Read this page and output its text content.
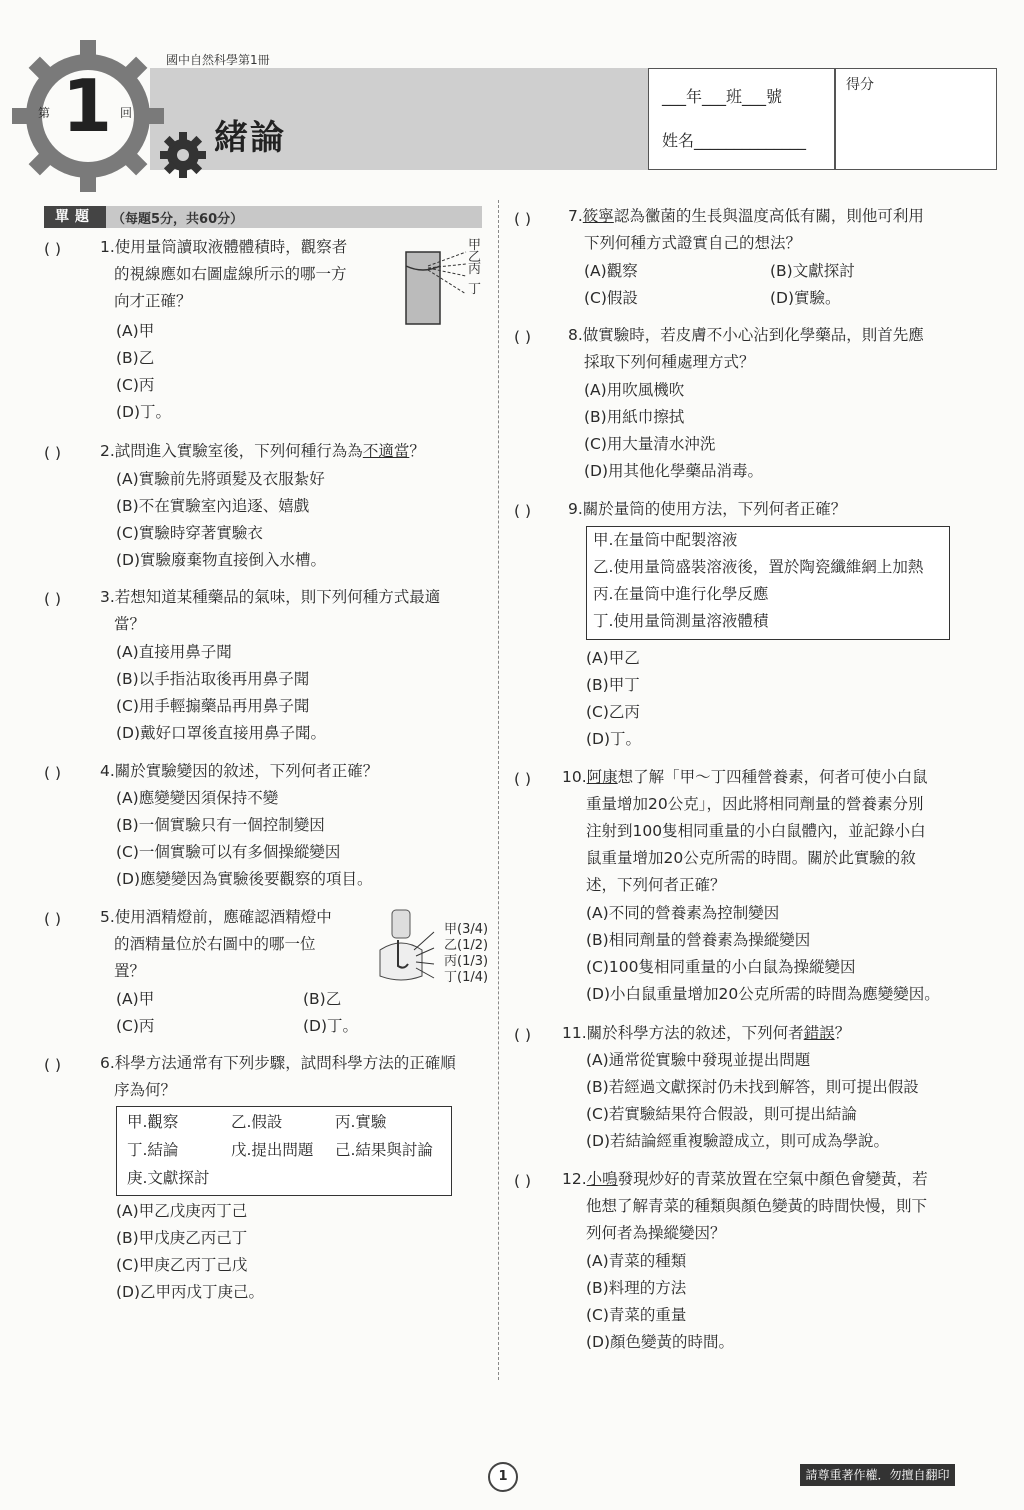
第 1 回
國中自然科學第1冊
緒論
___年___班___號
姓名______________
得分
單題	（每題5分，共60分）
( )	1.使用量筒讀取液體體積時，觀察者
的視線應如右圖虛線所示的哪一方
向才正確？
(A)甲
(B)乙
(C)丙
(D)丁。
甲
乙
丙
丁
( )	2.試問進入實驗室後，下列何種行為為不適當？
(A)實驗前先將頭髮及衣服紮好
(B)不在實驗室內追逐、嬉戲
(C)實驗時穿著實驗衣
(D)實驗廢棄物直接倒入水槽。
( )	3.若想知道某種藥品的氣味，則下列何種方式最適
當？
(A)直接用鼻子聞
(B)以手指沾取後再用鼻子聞
(C)用手輕搧藥品再用鼻子聞
(D)戴好口罩後直接用鼻子聞。
( )	4.關於實驗變因的敘述，下列何者正確？
(A)應變變因須保持不變
(B)一個實驗只有一個控制變因
(C)一個實驗可以有多個操縱變因
(D)應變變因為實驗後要觀察的項目。
( )	5.使用酒精燈前，應確認酒精燈中
的酒精量位於右圖中的哪一位
置？
(A)甲	(B)乙
(C)丙	(D)丁。
甲(3/4)
乙(1/2)
丙(1/3)
丁(1/4)
( )	6.科學方法通常有下列步驟，試問科學方法的正確順
序為何？
甲.觀察	乙.假設	丙.實驗
丁.結論	戊.提出問題 己.結果與討論
庚.文獻探討
(A)甲乙戊庚丙丁己
(B)甲戊庚乙丙己丁
(C)甲庚乙丙丁己戊
(D)乙甲丙戊丁庚己。
( ) 7.筱寧認為黴菌的生長與溫度高低有關，則他可利用
下列何種方式證實自己的想法？
(A)觀察	(B)文獻探討
(C)假設	(D)實驗。
( ) 8.做實驗時，若皮膚不小心沾到化學藥品，則首先應
採取下列何種處理方式？
(A)用吹風機吹
(B)用紙巾擦拭
(C)用大量清水沖洗
(D)用其他化學藥品消毒。
( ) 9.關於量筒的使用方法，下列何者正確？
甲.在量筒中配製溶液
乙.使用量筒盛裝溶液後，置於陶瓷纖維網上加熱
丙.在量筒中進行化學反應
丁.使用量筒測量溶液體積
(A)甲乙
(B)甲丁
(C)乙丙
(D)丁。
( ) 10.阿康想了解「甲～丁四種營養素，何者可使小白鼠
重量增加20公克」，因此將相同劑量的營養素分別
注射到100隻相同重量的小白鼠體內，並記錄小白
鼠重量增加20公克所需的時間。關於此實驗的敘
述，下列何者正確？
(A)不同的營養素為控制變因
(B)相同劑量的營養素為操縱變因
(C)100隻相同重量的小白鼠為操縱變因
(D)小白鼠重量增加20公克所需的時間為應變變因。
( ) 11.關於科學方法的敘述，下列何者錯誤？
(A)通常從實驗中發現並提出問題
(B)若經過文獻探討仍未找到解答，則可提出假設
(C)若實驗結果符合假設，則可提出結論
(D)若結論經重複驗證成立，則可成為學說。
( ) 12.小鳴發現炒好的青菜放置在空氣中顏色會變黃，若
他想了解青菜的種類與顏色變黃的時間快慢，則下
列何者為操縱變因？
(A)青菜的種類
(B)料理的方法
(C)青菜的重量
(D)顏色變黃的時間。
1	請尊重著作權．勿擅自翻印
